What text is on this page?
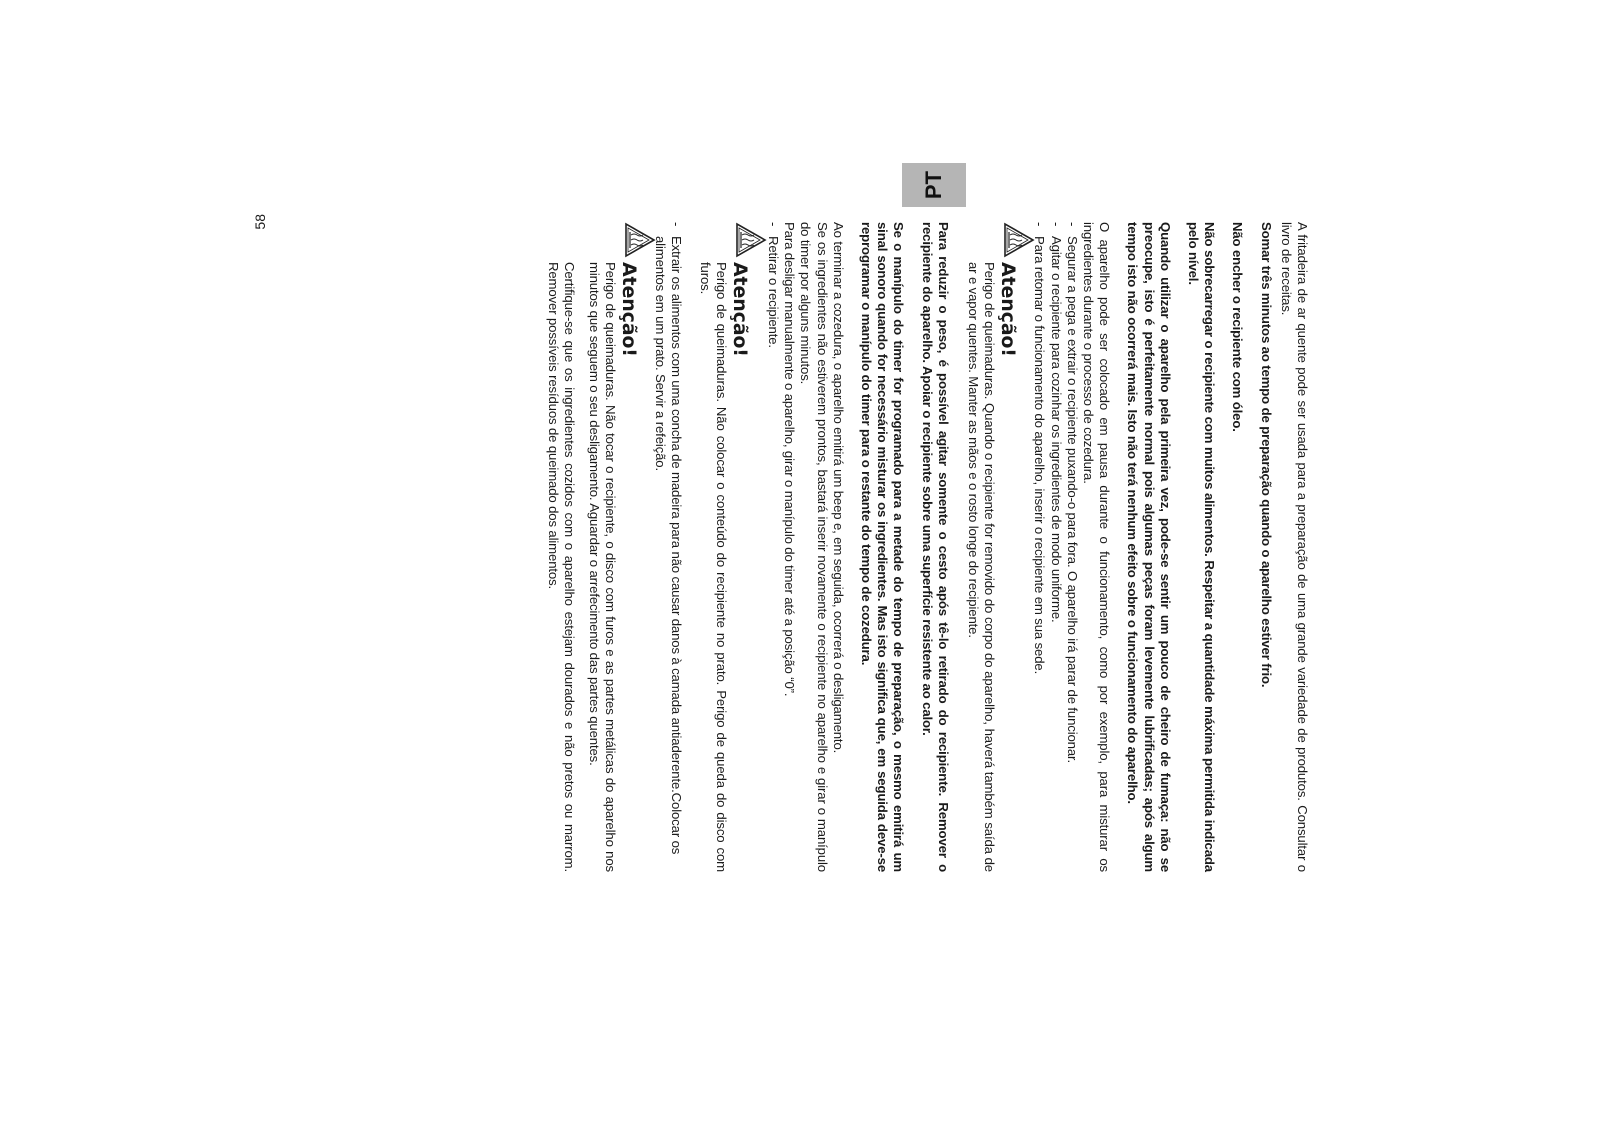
PT

A fritadeira de ar quente pode ser usada para a preparação de uma grande variedade de produtos. Consultar o livro de receitas.

Somar três minutos ao tempo de preparação quando o aparelho estiver frio.

Não encher o recipiente com óleo.

Não sobrecarregar o recipiente com muitos alimentos. Respeitar a quantidade máxima permitida indicada pelo nível.

Quando utilizar o aparelho pela primeira vez, pode-se sentir um pouco de cheiro de fumaça: não se preocupe, isto é perfeitamente normal pois algumas peças foram levemente lubrificadas; após algum tempo isto não ocorrerá mais. Isto não terá nenhum efeito sobre o funcionamento do aparelho.

O aparelho pode ser colocado em pausa durante o funcionamento, como por exemplo, para misturar os ingredientes durante o processo de cozedura.

-
Segurar a pega e extrair o recipiente puxando-o para fora. O aparelho irá parar de funcionar.
-
Agitar o recipiente para cozinhar os ingredientes de modo uniforme.
-
Para retomar o funcionamento do aparelho, inserir o recipiente em sua sede.
Atenção!

Perigo de queimaduras. Quando o recipiente for removido do corpo do aparelho, haverá também saída de ar e vapor quentes. Manter as mãos e o rosto longe do recipiente.

Para reduzir o peso, é possível agitar somente o cesto após tê-lo retirado do recipiente. Remover o recipiente do aparelho. Apoiar o recipiente sobre uma superfície resistente ao calor.

Se o manípulo do timer for programado para a metade do tempo de preparação, o mesmo emitirá um sinal sonoro quando for necessário misturar os ingredientes. Mas isto significa que, em seguida deve-se reprogramar o manípulo do timer para o restante do tempo de cozedura.

Ao terminar a cozedura, o aparelho emitirá um beep e, em seguida, ocorrerá o desligamento.

Se os ingredientes não estiverem prontos, bastará inserir novamente o recipiente no aparelho e girar o manípulo do timer por alguns minutos.

Para desligar manualmente o aparelho, girar o manípulo do timer até a posição “0”.

-
Retirar o recipiente.
Atenção!

Perigo de queimaduras. Não colocar o conteúdo do recipiente no prato. Perigo de queda do disco com furos.

-
Extrair os alimentos com uma concha de madeira para não causar danos à camada antiaderente.Colocar os alimentos em um prato. Servir a refeição.
Atenção!

Perigo de queimaduras. Não tocar o recipiente, o disco com furos e as partes metálicas do aparelho nos minutos que seguem o seu desligamento. Aguardar o arrefecimento das partes quentes.

Certifique-se que os ingredientes cozidos com o aparelho estejam dourados e não pretos ou marrom. Remover possíveis resíduos de queimado dos alimentos.

58
